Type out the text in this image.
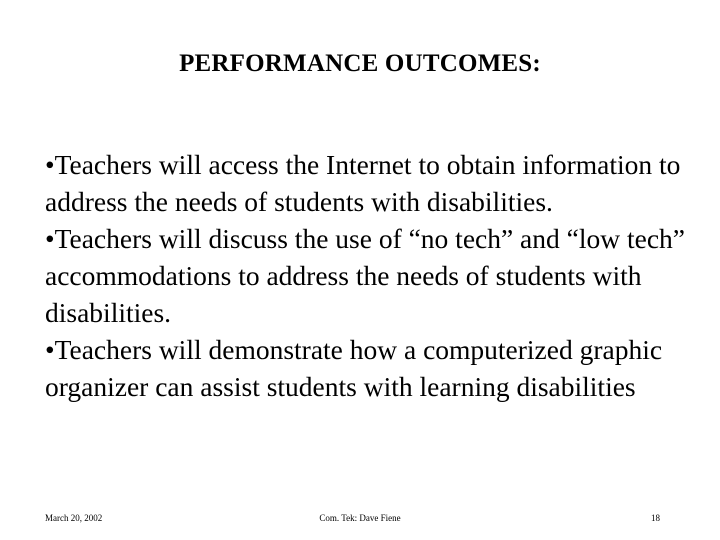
PERFORMANCE OUTCOMES:

•Teachers will access the Internet to obtain information to address the needs of students with disabilities.

•Teachers will discuss the use of “no tech” and “low tech” accommodations to address the needs of students with disabilities.

•Teachers will demonstrate how a computerized graphic organizer can assist students with learning disabilities

March 20, 2002	Com. Tek: Dave Fiene	18
